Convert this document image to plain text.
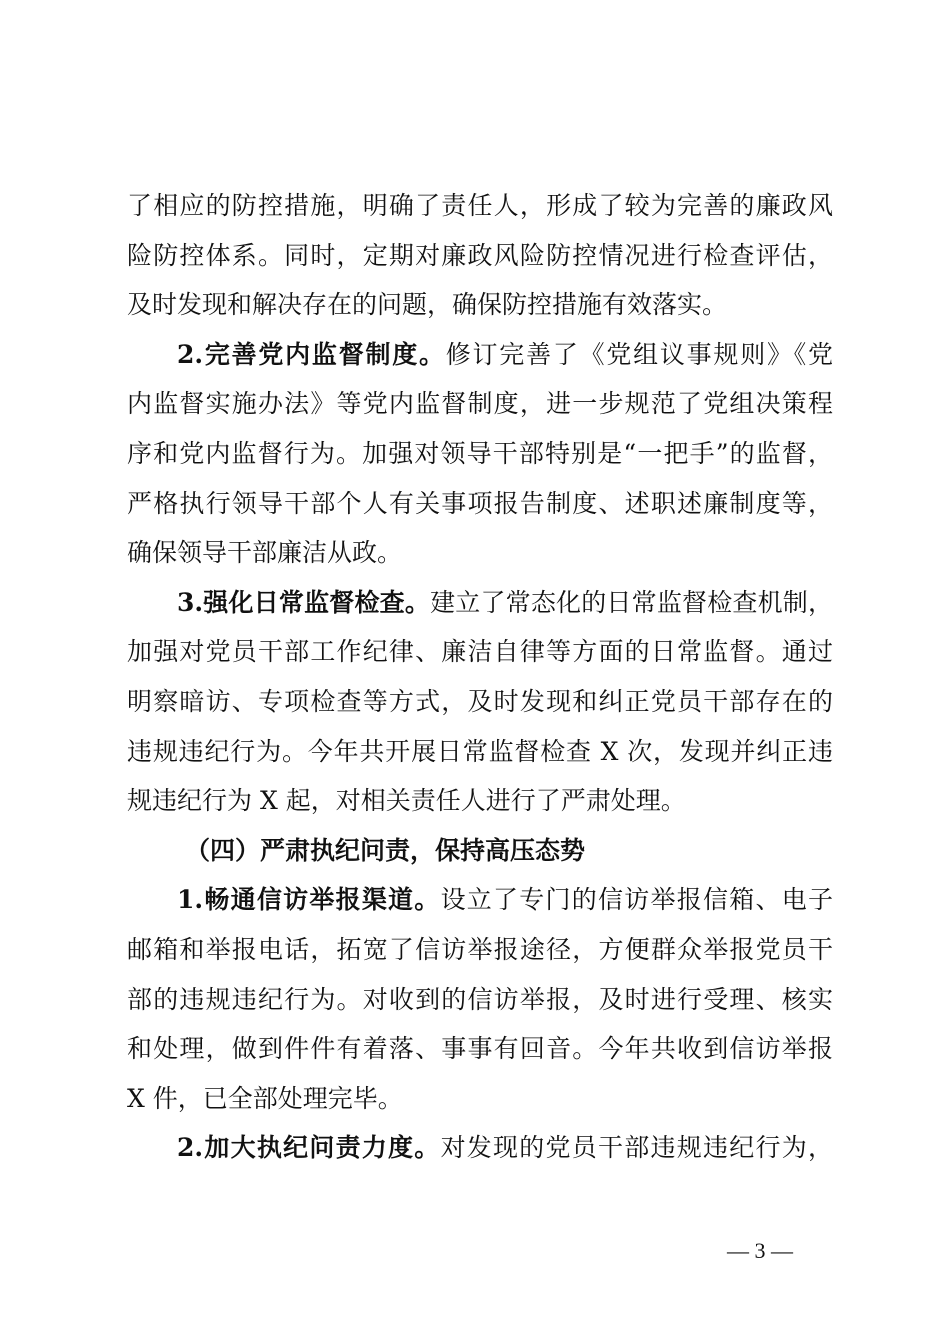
了相应的防控措施，明确了责任人，形成了较为完善的廉政风
险防控体系。同时，定期对廉政风险防控情况进行检查评估，
及时发现和解决存在的问题，确保防控措施有效落实。
2.完善党内监督制度。修订完善了《党组议事规则》《党
内监督实施办法》等党内监督制度，进一步规范了党组决策程
序和党内监督行为。加强对领导干部特别是“一把手”的监督，
严格执行领导干部个人有关事项报告制度、述职述廉制度等，
确保领导干部廉洁从政。
3.强化日常监督检查。建立了常态化的日常监督检查机制，
加强对党员干部工作纪律、廉洁自律等方面的日常监督。通过
明察暗访、专项检查等方式，及时发现和纠正党员干部存在的
违规违纪行为。今年共开展日常监督检查 X 次，发现并纠正违
规违纪行为 X 起，对相关责任人进行了严肃处理。
（四）严肃执纪问责，保持高压态势
1.畅通信访举报渠道。设立了专门的信访举报信箱、电子
邮箱和举报电话，拓宽了信访举报途径，方便群众举报党员干
部的违规违纪行为。对收到的信访举报，及时进行受理、核实
和处理，做到件件有着落、事事有回音。今年共收到信访举报
X 件，已全部处理完毕。
2.加大执纪问责力度。对发现的党员干部违规违纪行为，
— 3 —
